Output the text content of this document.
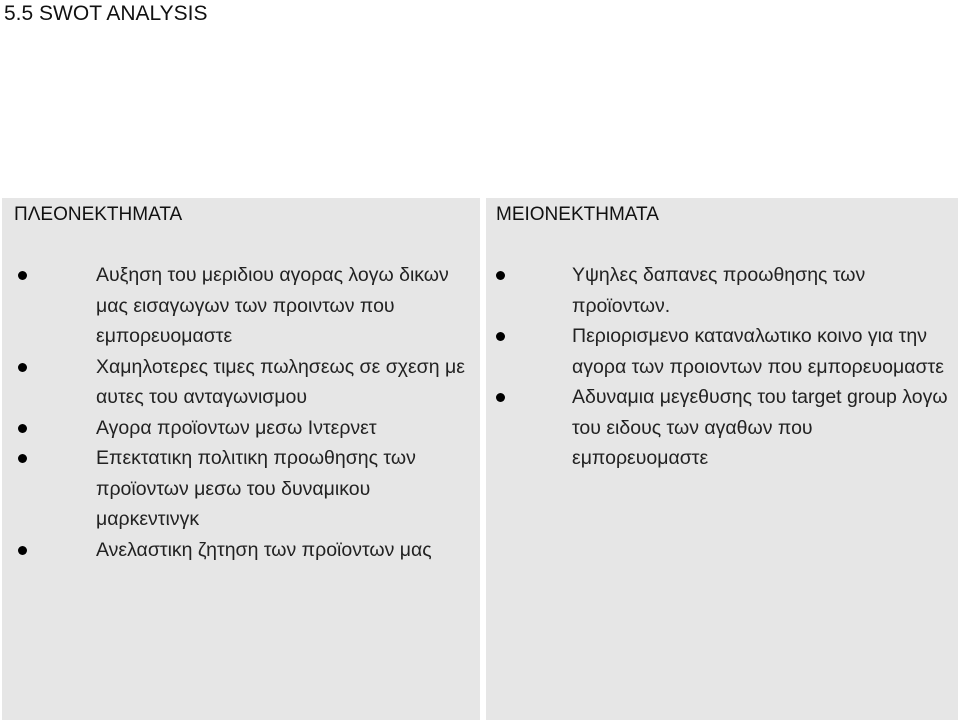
5.5 SWOT ANALYSIS
ΠΛΕΟΝΕΚΤΗΜΑΤΑ
Αυξηση του μεριδιου αγορας λογω δικων μας εισαγωγων των προιντων που εμπορευομαστε
Χαμηλοτερες τιμες πωλησεως σε σχεση με αυτες του ανταγωνισμου
Αγορα προϊοντων μεσω Ιντερνετ
Επεκτατικη πολιτικη προωθησης των προϊοντων μεσω του δυναμικου μαρκεντινγκ
Ανελαστικη ζητηση των προϊοντων μας
ΜΕΙΟΝΕΚΤΗΜΑΤΑ
Υψηλες δαπανες προωθησης των προϊοντων.
Περιορισμενο καταναλωτικο κοινο για την αγορα των προιοντων που εμπορευομαστε
Αδυναμια μεγεθυσης του target group λογω του ειδους των αγαθων που εμπορευομαστε
